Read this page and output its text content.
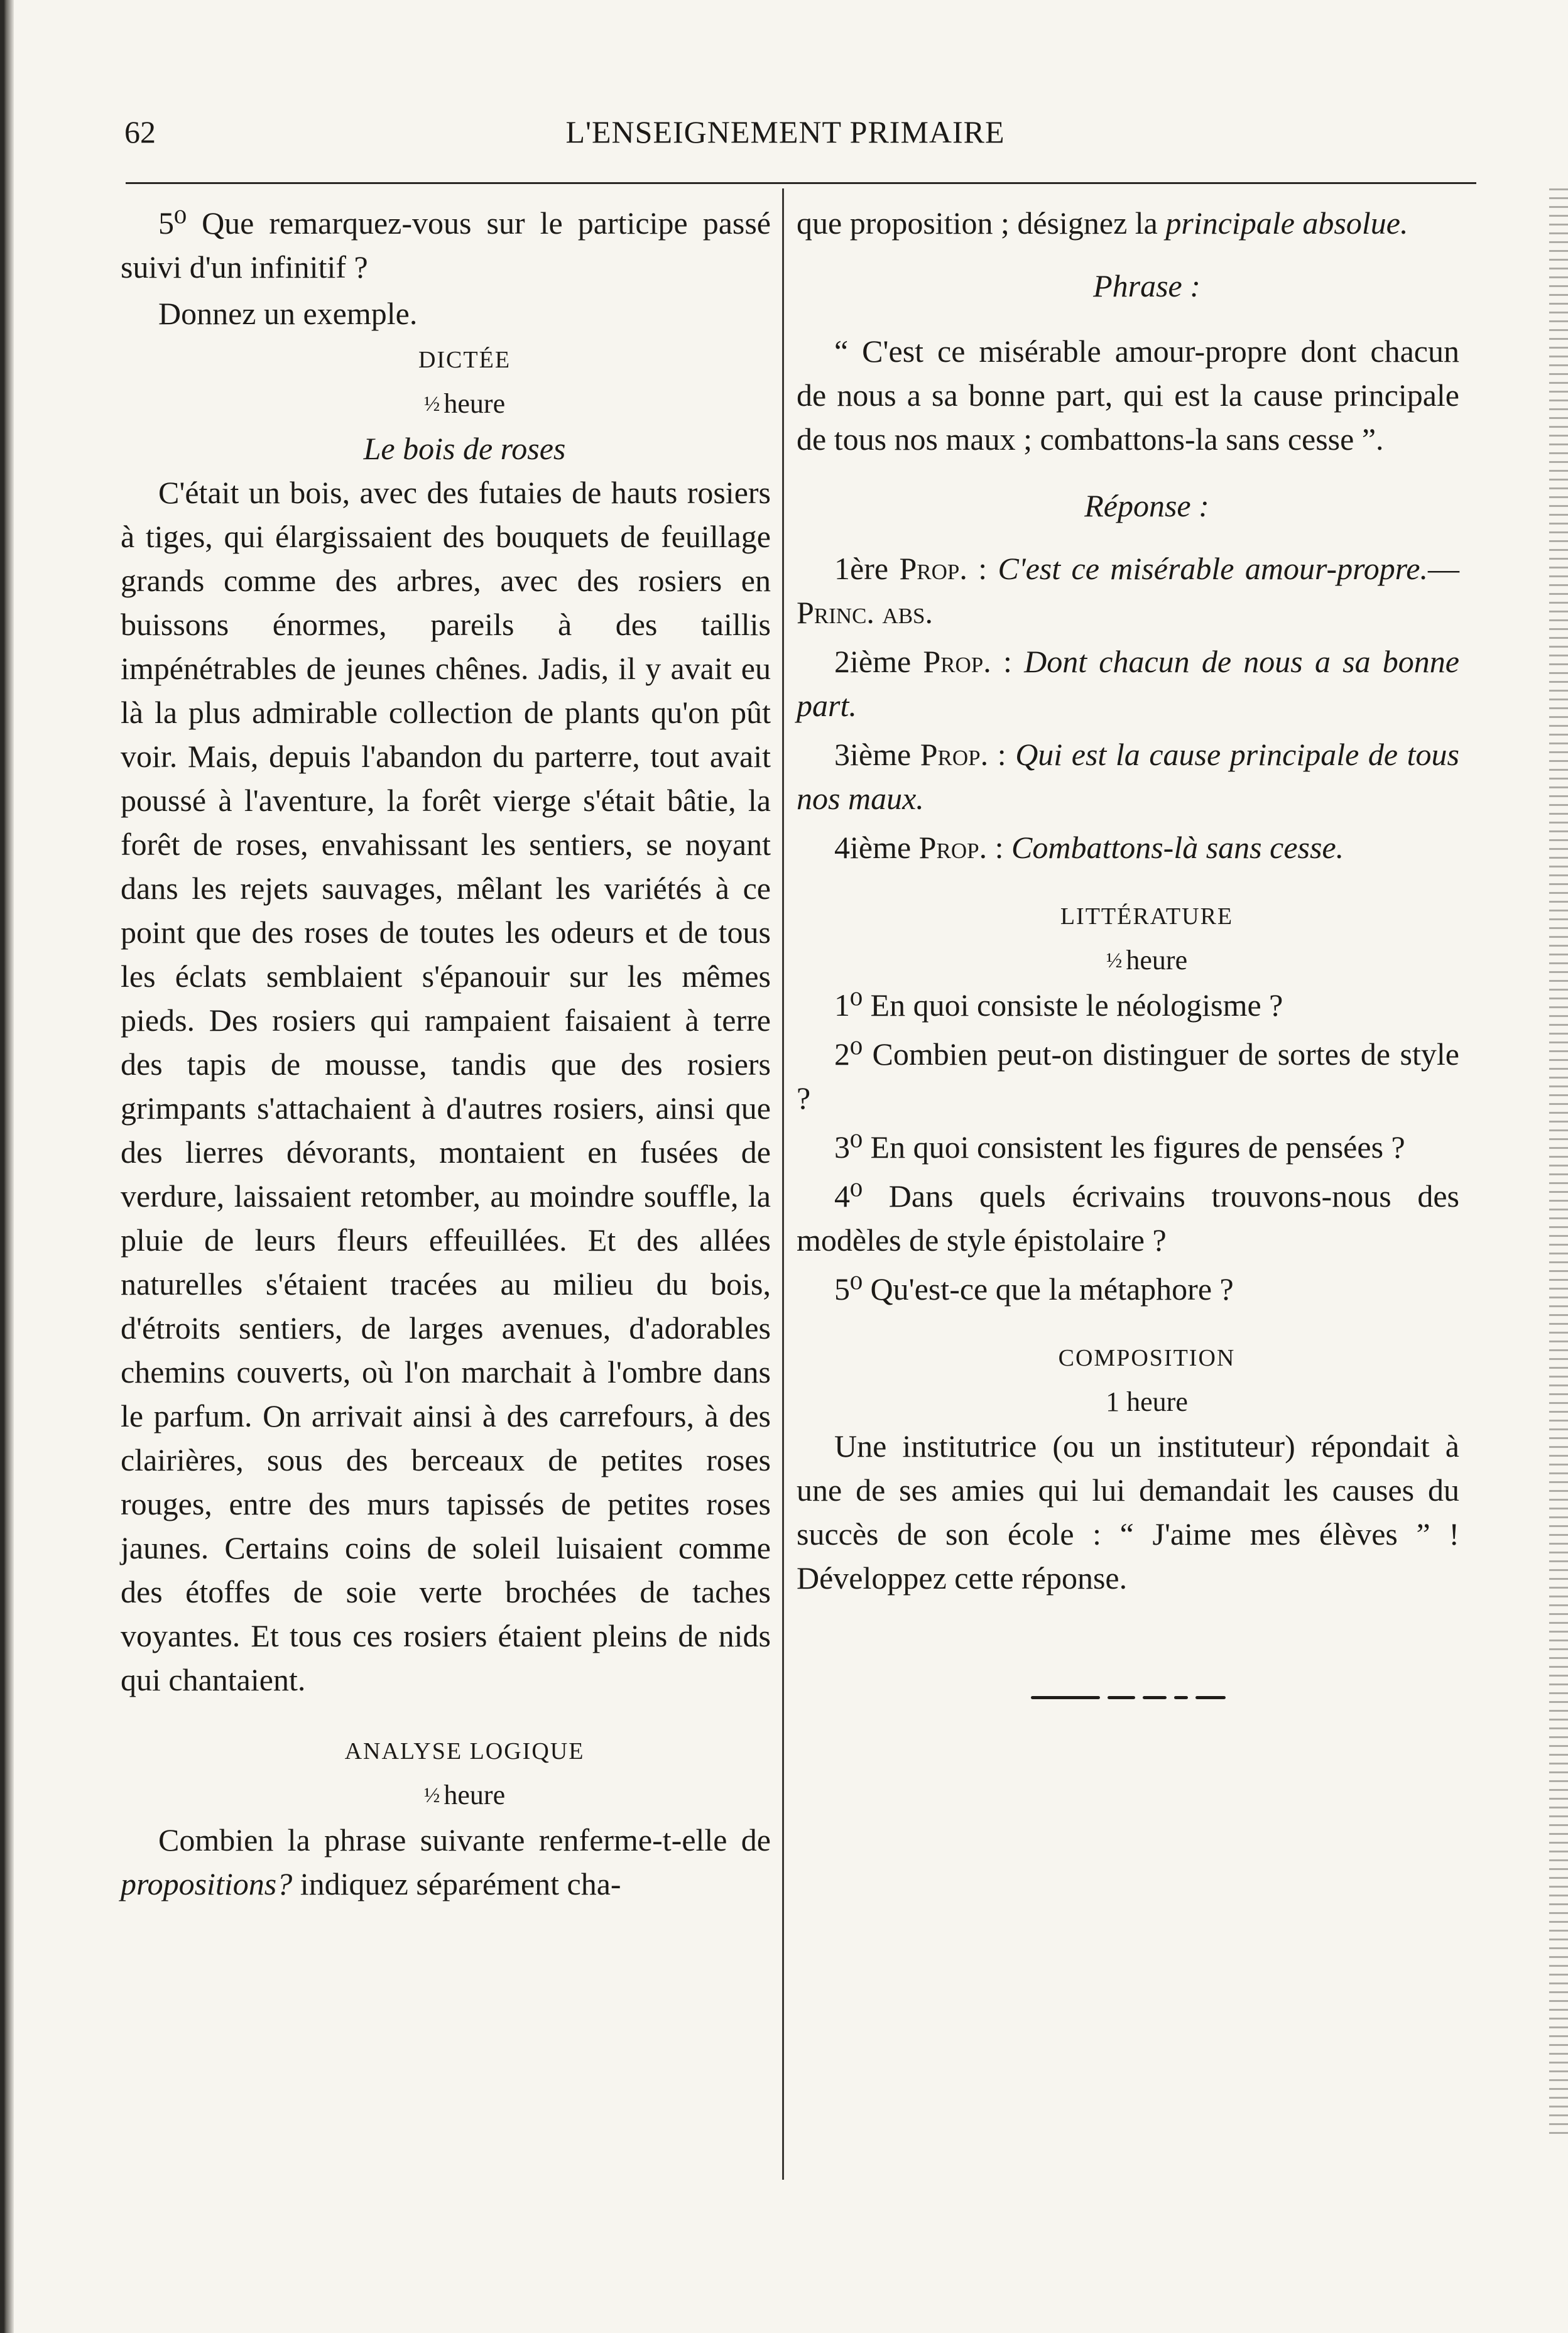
62	L'ENSEIGNEMENT PRIMAIRE

5⁰ Que remarquez-vous sur le participe passé suivi d'un infinitif ?

Donnez un exemple.

DICTÉE

½ heure

Le bois de roses

C'était un bois, avec des futaies de hauts rosiers à tiges, qui élargissaient des bouquets de feuillage grands comme des arbres, avec des rosiers en buissons énormes, pareils à des taillis impénétrables de jeunes chênes. Jadis, il y avait eu là la plus admirable collection de plants qu'on pût voir. Mais, depuis l'abandon du parterre, tout avait poussé à l'aventure, la forêt vierge s'était bâtie, la forêt de roses, envahissant les sentiers, se noyant dans les rejets sauvages, mêlant les variétés à ce point que des roses de toutes les odeurs et de tous les éclats semblaient s'épanouir sur les mêmes pieds. Des rosiers qui rampaient faisaient à terre des tapis de mousse, tandis que des rosiers grimpants s'attachaient à d'autres rosiers, ainsi que des lierres dévorants, montaient en fusées de verdure, laissaient retomber, au moindre souffle, la pluie de leurs fleurs effeuillées. Et des allées naturelles s'étaient tracées au milieu du bois, d'étroits sentiers, de larges avenues, d'adorables chemins couverts, où l'on marchait à l'ombre dans le parfum. On arrivait ainsi à des carrefours, à des clairières, sous des berceaux de petites roses rouges, entre des murs tapissés de petites roses jaunes. Certains coins de soleil luisaient comme des étoffes de soie verte brochées de taches voyantes. Et tous ces rosiers étaient pleins de nids qui chantaient.

ANALYSE LOGIQUE

½ heure

Combien la phrase suivante renferme-t-elle de propositions? indiquez séparément cha-

que proposition ; désignez la principale absolue.

Phrase :

“ C'est ce misérable amour-propre dont chacun de nous a sa bonne part, qui est la cause principale de tous nos maux ; combattons-la sans cesse ”.

Réponse :

1ère Prop. : C'est ce misérable amour-propre.—Princ. abs.

2ième Prop. : Dont chacun de nous a sa bonne part.

3ième Prop. : Qui est la cause principale de tous nos maux.

4ième Prop. : Combattons-là sans cesse.

LITTÉRATURE

½ heure

1⁰ En quoi consiste le néologisme ?

2⁰ Combien peut-on distinguer de sortes de style ?

3⁰ En quoi consistent les figures de pensées ?

4⁰ Dans quels écrivains trouvons-nous des modèles de style épistolaire ?

5⁰ Qu'est-ce que la métaphore ?

COMPOSITION

1 heure

Une institutrice (ou un instituteur) répondait à une de ses amies qui lui demandait les causes du succès de son école : “ J'aime mes élèves ” ! Développez cette réponse.
